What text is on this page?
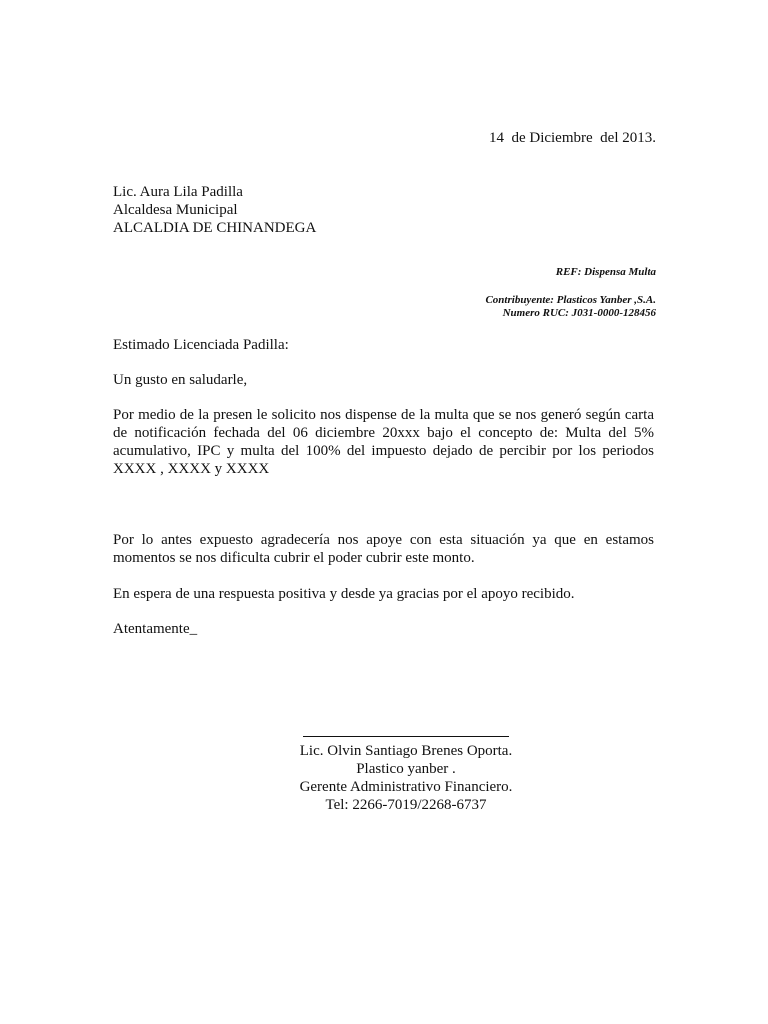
14  de Diciembre  del 2013.
Lic. Aura Lila Padilla
Alcaldesa Municipal
ALCALDIA DE CHINANDEGA
REF: Dispensa Multa
Contribuyente: Plasticos Yanber ,S.A.
Numero RUC: J031-0000-128456
Estimado Licenciada Padilla:
Un gusto en saludarle,
Por medio de la presen le solicito nos dispense de la multa que se nos generó según carta de notificación fechada del 06 diciembre 20xxx bajo el concepto de: Multa del 5% acumulativo, IPC y multa del 100% del impuesto dejado de percibir por los periodos XXXX , XXXX y XXXX
Por lo antes expuesto agradecería nos apoye con esta situación ya que en estamos momentos se nos dificulta cubrir el poder cubrir este monto.
En espera de una respuesta positiva y desde ya gracias por el apoyo recibido.
Atentamente_
Lic. Olvin Santiago Brenes Oporta.
Plastico yanber .
Gerente Administrativo Financiero.
Tel: 2266-7019/2268-6737
